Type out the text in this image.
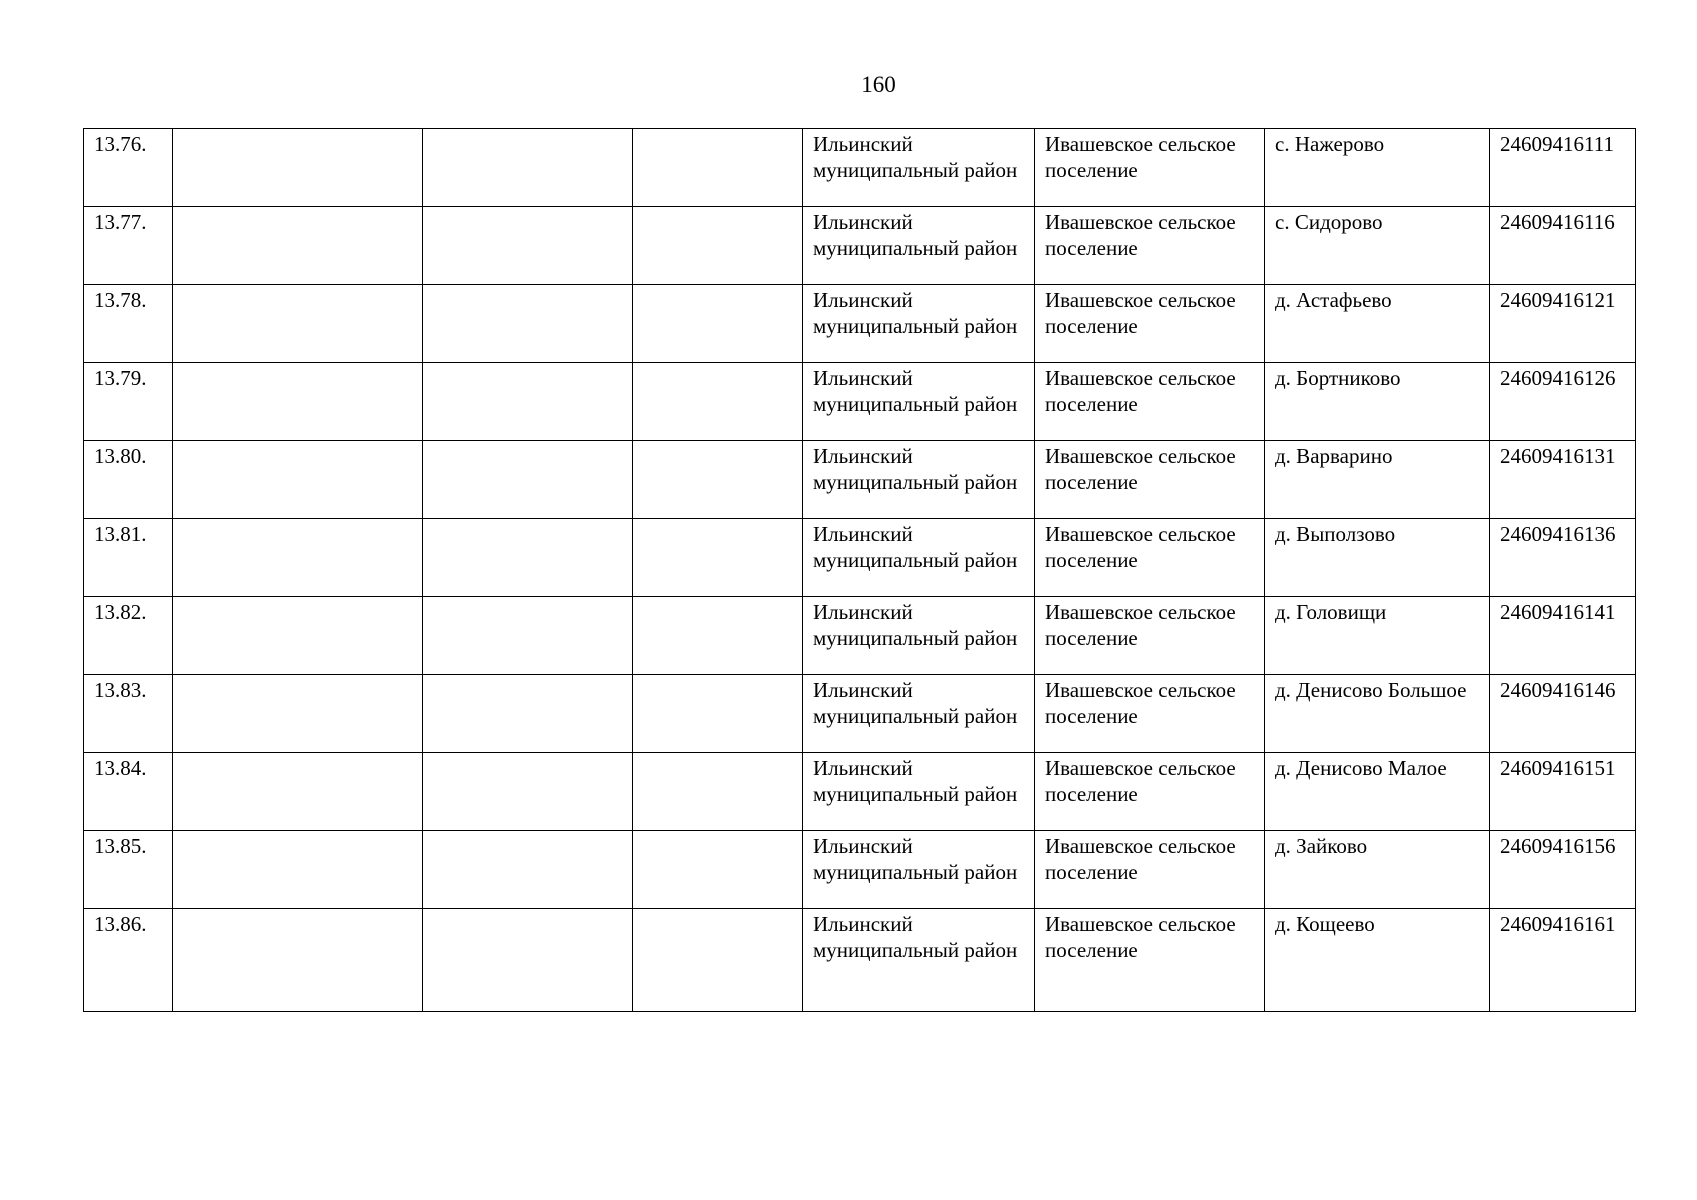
160
13.76.				Ильинский муниципальный район	Ивашевское сельское поселение	с. Нажерово	24609416111
13.77.				Ильинский муниципальный район	Ивашевское сельское поселение	с. Сидорово	24609416116
13.78.				Ильинский муниципальный район	Ивашевское сельское поселение	д. Астафьево	24609416121
13.79.				Ильинский муниципальный район	Ивашевское сельское поселение	д. Бортниково	24609416126
13.80.				Ильинский муниципальный район	Ивашевское сельское поселение	д. Варварино	24609416131
13.81.				Ильинский муниципальный район	Ивашевское сельское поселение	д. Выползово	24609416136
13.82.				Ильинский муниципальный район	Ивашевское сельское поселение	д. Головищи	24609416141
13.83.				Ильинский муниципальный район	Ивашевское сельское поселение	д. Денисово Большое	24609416146
13.84.				Ильинский муниципальный район	Ивашевское сельское поселение	д. Денисово Малое	24609416151
13.85.				Ильинский муниципальный район	Ивашевское сельское поселение	д. Зайково	24609416156
13.86.				Ильинский муниципальный район	Ивашевское сельское поселение	д. Кощеево	24609416161
